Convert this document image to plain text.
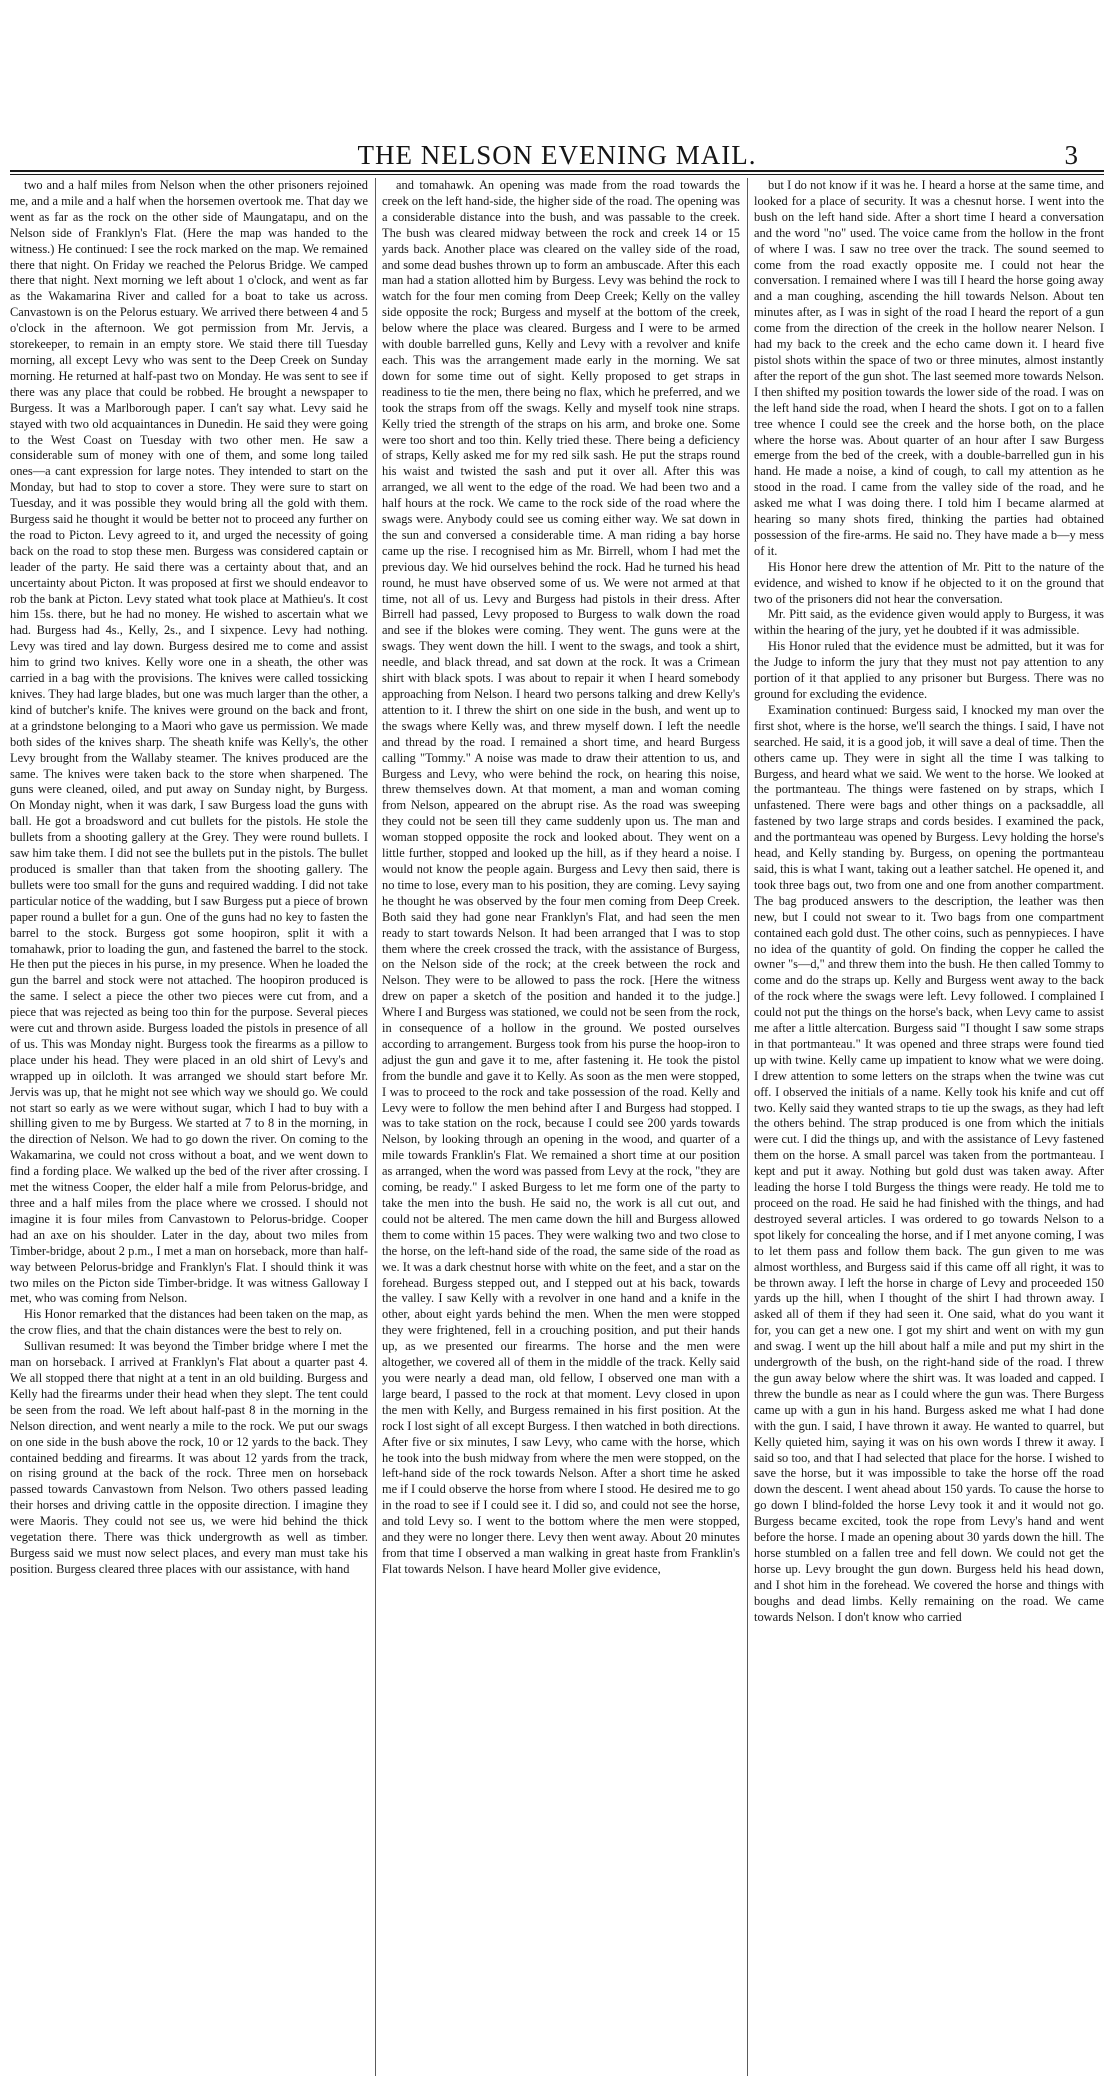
THE NELSON EVENING MAIL.	3

two and a half miles from Nelson when the other prisoners rejoined me, and a mile and a half when the horsemen overtook me. That day we went as far as the rock on the other side of Maungatapu, and on the Nelson side of Franklyn's Flat. (Here the map was handed to the witness.) He continued: I see the rock marked on the map. We remained there that night. On Friday we reached the Pelorus Bridge. We camped there that night. Next morning we left about 1 o'clock, and went as far as the Wakamarina River and called for a boat to take us across. Canvastown is on the Pelorus estuary. We arrived there between 4 and 5 o'clock in the afternoon. We got permission from Mr. Jervis, a storekeeper, to remain in an empty store. We staid there till Tuesday morning, all except Levy who was sent to the Deep Creek on Sunday morning. He returned at half-past two on Monday. He was sent to see if there was any place that could be robbed. He brought a newspaper to Burgess. It was a Marlborough paper. I can't say what. Levy said he stayed with two old acquaintances in Dunedin. He said they were going to the West Coast on Tuesday with two other men. He saw a considerable sum of money with one of them, and some long tailed ones—a cant expression for large notes. They intended to start on the Monday, but had to stop to cover a store. They were sure to start on Tuesday, and it was possible they would bring all the gold with them. Burgess said he thought it would be better not to proceed any further on the road to Picton. Levy agreed to it, and urged the necessity of going back on the road to stop these men. Burgess was considered captain or leader of the party. He said there was a certainty about that, and an uncertainty about Picton. It was proposed at first we should endeavor to rob the bank at Picton. Levy stated what took place at Mathieu's. It cost him 15s. there, but he had no money. He wished to ascertain what we had. Burgess had 4s., Kelly, 2s., and I sixpence. Levy had nothing. Levy was tired and lay down. Burgess desired me to come and assist him to grind two knives. Kelly wore one in a sheath, the other was carried in a bag with the provisions. The knives were called tossicking knives. They had large blades, but one was much larger than the other, a kind of butcher's knife. The knives were ground on the back and front, at a grindstone belonging to a Maori who gave us permission. We made both sides of the knives sharp. The sheath knife was Kelly's, the other Levy brought from the Wallaby steamer. The knives produced are the same. The knives were taken back to the store when sharpened. The guns were cleaned, oiled, and put away on Sunday night, by Burgess. On Monday night, when it was dark, I saw Burgess load the guns with ball. He got a broadsword and cut bullets for the pistols. He stole the bullets from a shooting gallery at the Grey. They were round bullets. I saw him take them. I did not see the bullets put in the pistols. The bullet produced is smaller than that taken from the shooting gallery. The bullets were too small for the guns and required wadding. I did not take particular notice of the wadding, but I saw Burgess put a piece of brown paper round a bullet for a gun. One of the guns had no key to fasten the barrel to the stock. Burgess got some hoopiron, split it with a tomahawk, prior to loading the gun, and fastened the barrel to the stock. He then put the pieces in his purse, in my presence. When he loaded the gun the barrel and stock were not attached. The hoopiron produced is the same. I select a piece the other two pieces were cut from, and a piece that was rejected as being too thin for the purpose. Several pieces were cut and thrown aside. Burgess loaded the pistols in presence of all of us. This was Monday night. Burgess took the firearms as a pillow to place under his head. They were placed in an old shirt of Levy's and wrapped up in oilcloth. It was arranged we should start before Mr. Jervis was up, that he might not see which way we should go. We could not start so early as we were without sugar, which I had to buy with a shilling given to me by Burgess. We started at 7 to 8 in the morning, in the direction of Nelson. We had to go down the river. On coming to the Wakamarina, we could not cross without a boat, and we went down to find a fording place. We walked up the bed of the river after crossing. I met the witness Cooper, the elder half a mile from Pelorus-bridge, and three and a half miles from the place where we crossed. I should not imagine it is four miles from Canvastown to Pelorus-bridge. Cooper had an axe on his shoulder. Later in the day, about two miles from Timber-bridge, about 2 p.m., I met a man on horseback, more than half-way between Pelorus-bridge and Franklyn's Flat. I should think it was two miles on the Picton side Timber-bridge. It was witness Galloway I met, who was coming from Nelson.

His Honor remarked that the distances had been taken on the map, as the crow flies, and that the chain distances were the best to rely on.

Sullivan resumed: It was beyond the Timber bridge where I met the man on horseback. I arrived at Franklyn's Flat about a quarter past 4. We all stopped there that night at a tent in an old building. Burgess and Kelly had the firearms under their head when they slept. The tent could be seen from the road. We left about half-past 8 in the morning in the Nelson direction, and went nearly a mile to the rock. We put our swags on one side in the bush above the rock, 10 or 12 yards to the back. They contained bedding and firearms. It was about 12 yards from the track, on rising ground at the back of the rock. Three men on horseback passed towards Canvastown from Nelson. Two others passed leading their horses and driving cattle in the opposite direction. I imagine they were Maoris. They could not see us, we were hid behind the thick vegetation there. There was thick undergrowth as well as timber. Burgess said we must now select places, and every man must take his position. Burgess cleared three places with our assistance, with hand

and tomahawk. An opening was made from the road towards the creek on the left hand-side, the higher side of the road. The opening was a considerable distance into the bush, and was passable to the creek. The bush was cleared midway between the rock and creek 14 or 15 yards back. Another place was cleared on the valley side of the road, and some dead bushes thrown up to form an ambuscade. After this each man had a station allotted him by Burgess. Levy was behind the rock to watch for the four men coming from Deep Creek; Kelly on the valley side opposite the rock; Burgess and myself at the bottom of the creek, below where the place was cleared. Burgess and I were to be armed with double barrelled guns, Kelly and Levy with a revolver and knife each. This was the arrangement made early in the morning. We sat down for some time out of sight. Kelly proposed to get straps in readiness to tie the men, there being no flax, which he preferred, and we took the straps from off the swags. Kelly and myself took nine straps. Kelly tried the strength of the straps on his arm, and broke one. Some were too short and too thin. Kelly tried these. There being a deficiency of straps, Kelly asked me for my red silk sash. He put the straps round his waist and twisted the sash and put it over all. After this was arranged, we all went to the edge of the road. We had been two and a half hours at the rock. We came to the rock side of the road where the swags were. Anybody could see us coming either way. We sat down in the sun and conversed a considerable time. A man riding a bay horse came up the rise. I recognised him as Mr. Birrell, whom I had met the previous day. We hid ourselves behind the rock. Had he turned his head round, he must have observed some of us. We were not armed at that time, not all of us. Levy and Burgess had pistols in their dress. After Birrell had passed, Levy proposed to Burgess to walk down the road and see if the blokes were coming. They went. The guns were at the swags. They went down the hill. I went to the swags, and took a shirt, needle, and black thread, and sat down at the rock. It was a Crimean shirt with black spots. I was about to repair it when I heard somebody approaching from Nelson. I heard two persons talking and drew Kelly's attention to it. I threw the shirt on one side in the bush, and went up to the swags where Kelly was, and threw myself down. I left the needle and thread by the road. I remained a short time, and heard Burgess calling "Tommy." A noise was made to draw their attention to us, and Burgess and Levy, who were behind the rock, on hearing this noise, threw themselves down. At that moment, a man and woman coming from Nelson, appeared on the abrupt rise. As the road was sweeping they could not be seen till they came suddenly upon us. The man and woman stopped opposite the rock and looked about. They went on a little further, stopped and looked up the hill, as if they heard a noise. I would not know the people again. Burgess and Levy then said, there is no time to lose, every man to his position, they are coming. Levy saying he thought he was observed by the four men coming from Deep Creek. Both said they had gone near Franklyn's Flat, and had seen the men ready to start towards Nelson. It had been arranged that I was to stop them where the creek crossed the track, with the assistance of Burgess, on the Nelson side of the rock; at the creek between the rock and Nelson. They were to be allowed to pass the rock. [Here the witness drew on paper a sketch of the position and handed it to the judge.] Where I and Burgess was stationed, we could not be seen from the rock, in consequence of a hollow in the ground. We posted ourselves according to arrangement. Burgess took from his purse the hoop-iron to adjust the gun and gave it to me, after fastening it. He took the pistol from the bundle and gave it to Kelly. As soon as the men were stopped, I was to proceed to the rock and take possession of the road. Kelly and Levy were to follow the men behind after I and Burgess had stopped. I was to take station on the rock, because I could see 200 yards towards Nelson, by looking through an opening in the wood, and quarter of a mile towards Franklin's Flat. We remained a short time at our position as arranged, when the word was passed from Levy at the rock, "they are coming, be ready." I asked Burgess to let me form one of the party to take the men into the bush. He said no, the work is all cut out, and could not be altered. The men came down the hill and Burgess allowed them to come within 15 paces. They were walking two and two close to the horse, on the left-hand side of the road, the same side of the road as we. It was a dark chestnut horse with white on the feet, and a star on the forehead. Burgess stepped out, and I stepped out at his back, towards the valley. I saw Kelly with a revolver in one hand and a knife in the other, about eight yards behind the men. When the men were stopped they were frightened, fell in a crouching position, and put their hands up, as we presented our firearms. The horse and the men were altogether, we covered all of them in the middle of the track. Kelly said you were nearly a dead man, old fellow, I observed one man with a large beard, I passed to the rock at that moment. Levy closed in upon the men with Kelly, and Burgess remained in his first position. At the rock I lost sight of all except Burgess. I then watched in both directions. After five or six minutes, I saw Levy, who came with the horse, which he took into the bush midway from where the men were stopped, on the left-hand side of the rock towards Nelson. After a short time he asked me if I could observe the horse from where I stood. He desired me to go in the road to see if I could see it. I did so, and could not see the horse, and told Levy so. I went to the bottom where the men were stopped, and they were no longer there. Levy then went away. About 20 minutes from that time I observed a man walking in great haste from Franklin's Flat towards Nelson. I have heard Moller give evidence,

but I do not know if it was he. I heard a horse at the same time, and looked for a place of security. It was a chesnut horse. I went into the bush on the left hand side. After a short time I heard a conversation and the word "no" used. The voice came from the hollow in the front of where I was. I saw no tree over the track. The sound seemed to come from the road exactly opposite me. I could not hear the conversation. I remained where I was till I heard the horse going away and a man coughing, ascending the hill towards Nelson. About ten minutes after, as I was in sight of the road I heard the report of a gun come from the direction of the creek in the hollow nearer Nelson. I had my back to the creek and the echo came down it. I heard five pistol shots within the space of two or three minutes, almost instantly after the report of the gun shot. The last seemed more towards Nelson. I then shifted my position towards the lower side of the road. I was on the left hand side the road, when I heard the shots. I got on to a fallen tree whence I could see the creek and the horse both, on the place where the horse was. About quarter of an hour after I saw Burgess emerge from the bed of the creek, with a double-barrelled gun in his hand. He made a noise, a kind of cough, to call my attention as he stood in the road. I came from the valley side of the road, and he asked me what I was doing there. I told him I became alarmed at hearing so many shots fired, thinking the parties had obtained possession of the fire-arms. He said no. They have made a b—y mess of it.

His Honor here drew the attention of Mr. Pitt to the nature of the evidence, and wished to know if he objected to it on the ground that two of the prisoners did not hear the conversation.

Mr. Pitt said, as the evidence given would apply to Burgess, it was within the hearing of the jury, yet he doubted if it was admissible.

His Honor ruled that the evidence must be admitted, but it was for the Judge to inform the jury that they must not pay attention to any portion of it that applied to any prisoner but Burgess. There was no ground for excluding the evidence.

Examination continued: Burgess said, I knocked my man over the first shot, where is the horse, we'll search the things. I said, I have not searched. He said, it is a good job, it will save a deal of time. Then the others came up. They were in sight all the time I was talking to Burgess, and heard what we said. We went to the horse. We looked at the portmanteau. The things were fastened on by straps, which I unfastened. There were bags and other things on a packsaddle, all fastened by two large straps and cords besides. I examined the pack, and the portmanteau was opened by Burgess. Levy holding the horse's head, and Kelly standing by. Burgess, on opening the portmanteau said, this is what I want, taking out a leather satchel. He opened it, and took three bags out, two from one and one from another compartment. The bag produced answers to the description, the leather was then new, but I could not swear to it. Two bags from one compartment contained each gold dust. The other coins, such as pennypieces. I have no idea of the quantity of gold. On finding the copper he called the owner "s—d," and threw them into the bush. He then called Tommy to come and do the straps up. Kelly and Burgess went away to the back of the rock where the swags were left. Levy followed. I complained I could not put the things on the horse's back, when Levy came to assist me after a little altercation. Burgess said "I thought I saw some straps in that portmanteau." It was opened and three straps were found tied up with twine. Kelly came up impatient to know what we were doing. I drew attention to some letters on the straps when the twine was cut off. I observed the initials of a name. Kelly took his knife and cut off two. Kelly said they wanted straps to tie up the swags, as they had left the others behind. The strap produced is one from which the initials were cut. I did the things up, and with the assistance of Levy fastened them on the horse. A small parcel was taken from the portmanteau. I kept and put it away. Nothing but gold dust was taken away. After leading the horse I told Burgess the things were ready. He told me to proceed on the road. He said he had finished with the things, and had destroyed several articles. I was ordered to go towards Nelson to a spot likely for concealing the horse, and if I met anyone coming, I was to let them pass and follow them back. The gun given to me was almost worthless, and Burgess said if this came off all right, it was to be thrown away. I left the horse in charge of Levy and proceeded 150 yards up the hill, when I thought of the shirt I had thrown away. I asked all of them if they had seen it. One said, what do you want it for, you can get a new one. I got my shirt and went on with my gun and swag. I went up the hill about half a mile and put my shirt in the undergrowth of the bush, on the right-hand side of the road. I threw the gun away below where the shirt was. It was loaded and capped. I threw the bundle as near as I could where the gun was. There Burgess came up with a gun in his hand. Burgess asked me what I had done with the gun. I said, I have thrown it away. He wanted to quarrel, but Kelly quieted him, saying it was on his own words I threw it away. I said so too, and that I had selected that place for the horse. I wished to save the horse, but it was impossible to take the horse off the road down the descent. I went ahead about 150 yards. To cause the horse to go down I blind-folded the horse Levy took it and it would not go. Burgess became excited, took the rope from Levy's hand and went before the horse. I made an opening about 30 yards down the hill. The horse stumbled on a fallen tree and fell down. We could not get the horse up. Levy brought the gun down. Burgess held his head down, and I shot him in the forehead. We covered the horse and things with boughs and dead limbs. Kelly remaining on the road. We came towards Nelson. I don't know who carried
